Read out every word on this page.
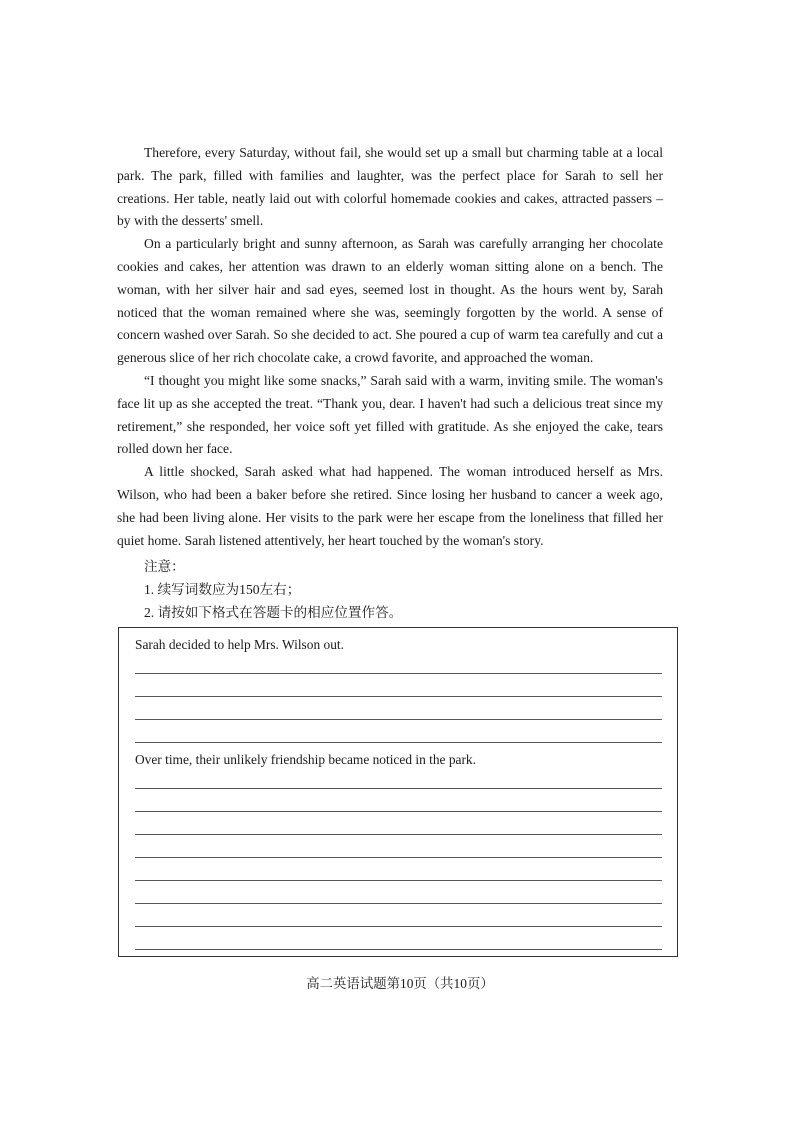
Therefore, every Saturday, without fail, she would set up a small but charming table at a local park. The park, filled with families and laughter, was the perfect place for Sarah to sell her creations. Her table, neatly laid out with colorful homemade cookies and cakes, attracted passers – by with the desserts' smell.

On a particularly bright and sunny afternoon, as Sarah was carefully arranging her chocolate cookies and cakes, her attention was drawn to an elderly woman sitting alone on a bench. The woman, with her silver hair and sad eyes, seemed lost in thought. As the hours went by, Sarah noticed that the woman remained where she was, seemingly forgotten by the world. A sense of concern washed over Sarah. So she decided to act. She poured a cup of warm tea carefully and cut a generous slice of her rich chocolate cake, a crowd favorite, and approached the woman.

“I thought you might like some snacks,” Sarah said with a warm, inviting smile. The woman's face lit up as she accepted the treat. “Thank you, dear. I haven't had such a delicious treat since my retirement,” she responded, her voice soft yet filled with gratitude. As she enjoyed the cake, tears rolled down her face.

A little shocked, Sarah asked what had happened. The woman introduced herself as Mrs. Wilson, who had been a baker before she retired. Since losing her husband to cancer a week ago, she had been living alone. Her visits to the park were her escape from the loneliness that filled her quiet home. Sarah listened attentively, her heart touched by the woman's story.

注意：
1. 续写词数应为150左右；
2. 请按如下格式在答题卡的相应位置作答。
Sarah decided to help Mrs. Wilson out.
Over time, their unlikely friendship became noticed in the park.
高二英语试题第10页（共10页）
